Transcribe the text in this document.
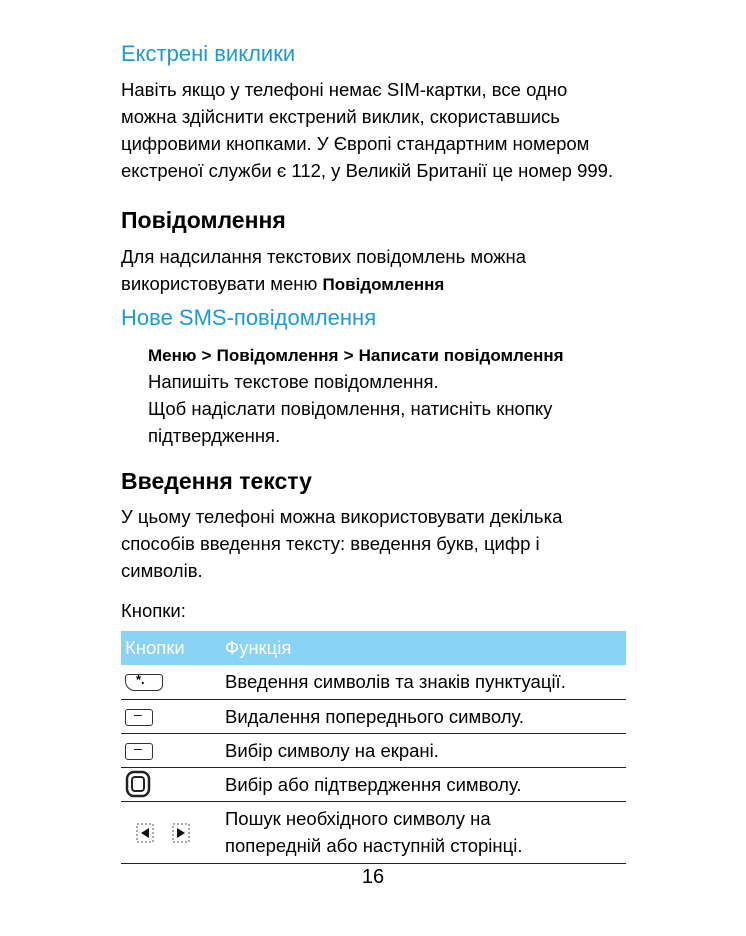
Екстрені виклики
Навіть якщо у телефоні немає SIM-картки, все одно
можна здійснити екстрений виклик, скориставшись
цифровими кнопками. У Європі стандартним номером
екстреної служби є 112, у Великій Британії це номер 999.
Повідомлення
Для надсилання текстових повідомлень можна
використовувати меню Повідомлення
Нове SMS-повідомлення
Меню > Повідомлення > Написати повідомлення
Напишіть текстове повідомлення.
Щоб надіслати повідомлення, натисніть кнопку
підтвердження.
Введення тексту
У цьому телефоні можна використовувати декілька
способів введення тексту: введення букв, цифр і
символів.
Кнопки:
Кнопки	Функція

*.	Введення символів та знаків пунктуації.

–	Видалення попереднього символу.

–	Вибір символу на екрані.
	Вибір або підтвердження символу.

Пошук необхідного символу на
попередній або наступній сторінці.
16
